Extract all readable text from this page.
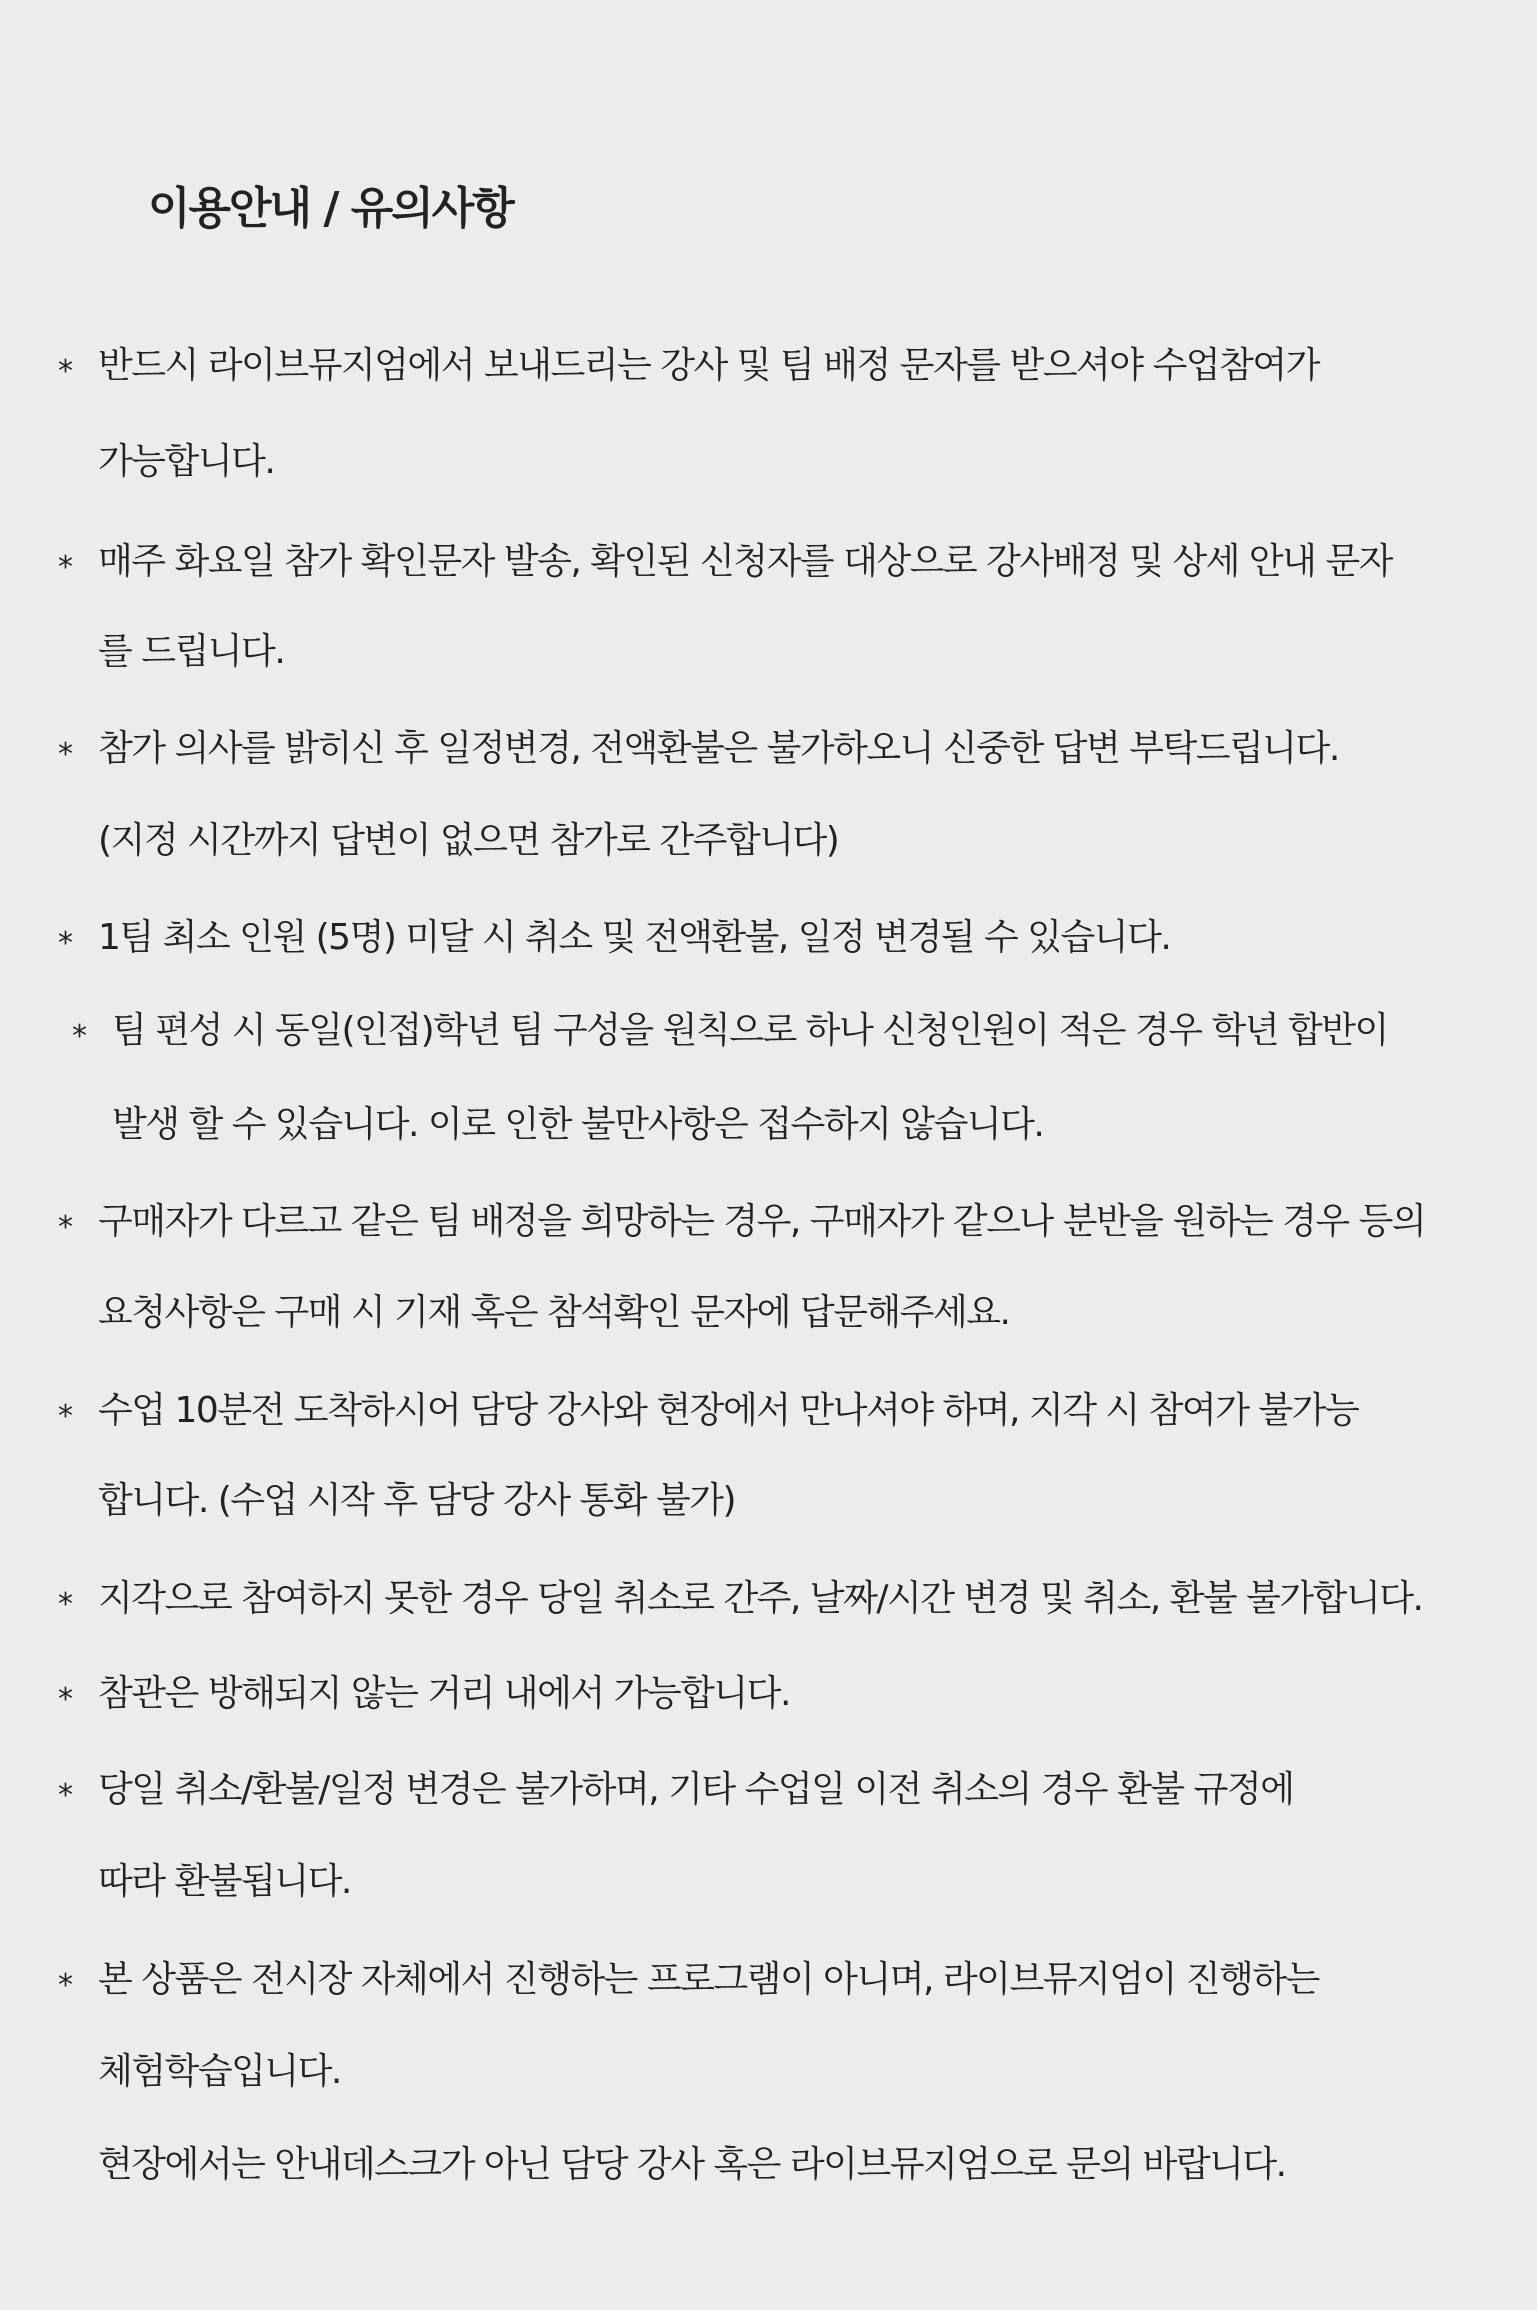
이용안내 / 유의사항
* 반드시 라이브뮤지엄에서 보내드리는 강사 및 팀 배정 문자를 받으셔야 수업참여가
가능합니다.
* 매주 화요일 참가 확인문자 발송, 확인된 신청자를 대상으로 강사배정 및 상세 안내 문자
를 드립니다.
* 참가 의사를 밝히신 후 일정변경, 전액환불은 불가하오니 신중한 답변 부탁드립니다.
(지정 시간까지 답변이 없으면 참가로 간주합니다)
* 1팀 최소 인원 (5명) 미달 시 취소 및 전액환불, 일정 변경될 수 있습니다.
* 팀 편성 시 동일(인접)학년 팀 구성을 원칙으로 하나 신청인원이 적은 경우 학년 합반이
발생 할 수 있습니다. 이로 인한 불만사항은 접수하지 않습니다.
* 구매자가 다르고 같은 팀 배정을 희망하는 경우, 구매자가 같으나 분반을 원하는 경우 등의
요청사항은 구매 시 기재 혹은 참석확인 문자에 답문해주세요.
* 수업 10분전 도착하시어 담당 강사와 현장에서 만나셔야 하며, 지각 시 참여가 불가능
합니다. (수업 시작 후 담당 강사 통화 불가)
* 지각으로 참여하지 못한 경우 당일 취소로 간주, 날짜/시간 변경 및 취소, 환불 불가합니다.
* 참관은 방해되지 않는 거리 내에서 가능합니다.
* 당일 취소/환불/일정 변경은 불가하며, 기타 수업일 이전 취소의 경우 환불 규정에
따라 환불됩니다.
* 본 상품은 전시장 자체에서 진행하는 프로그램이 아니며, 라이브뮤지엄이 진행하는
체험학습입니다.
현장에서는 안내데스크가 아닌 담당 강사 혹은 라이브뮤지엄으로 문의 바랍니다.
